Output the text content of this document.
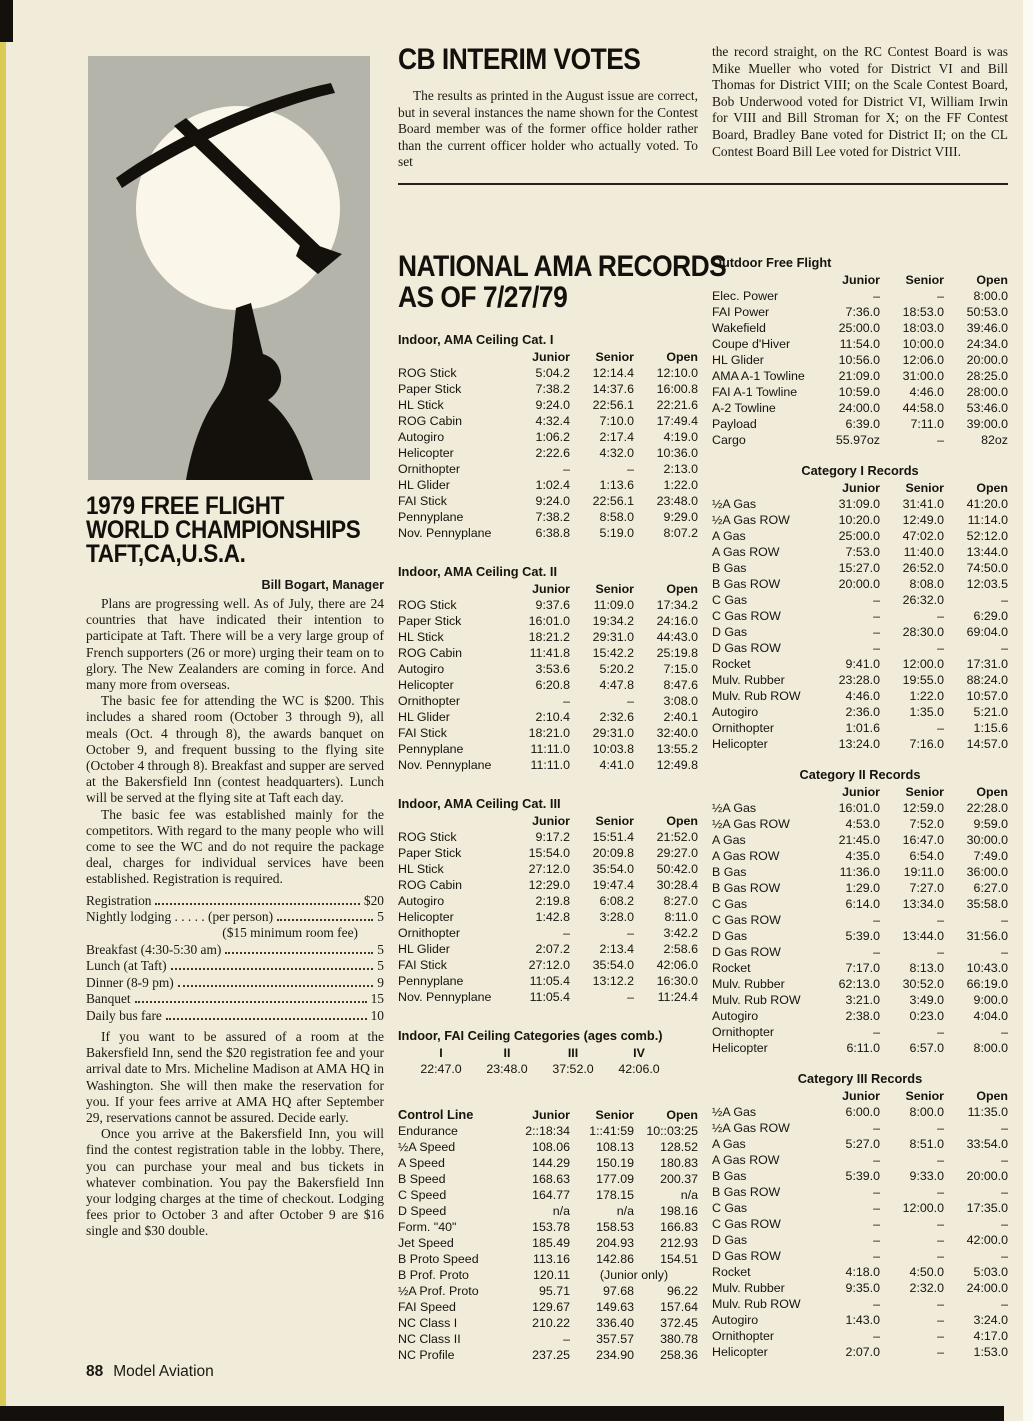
1979 FREE FLIGHT
WORLD CHAMPIONSHIPS
TAFT,CA,U.S.A.
Bill Bogart, Manager

Plans are progressing well. As of July, there are 24 countries that have indicated their intention to participate at Taft. There will be a very large group of French supporters (26 or more) urging their team on to glory. The New Zealanders are coming in force. And many more from overseas.

The basic fee for attending the WC is $200. This includes a shared room (October 3 through 9), all meals (Oct. 4 through 8), the awards banquet on October 9, and frequent bussing to the flying site (October 4 through 8). Breakfast and supper are served at the Bakersfield Inn (contest headquarters). Lunch will be served at the flying site at Taft each day.

The basic fee was established mainly for the competitors. With regard to the many people who will come to see the WC and do not require the package deal, charges for individual services have been established. Registration is required.

Registration	$20
Nightly lodging . . . . . (per person)	5
($15 minimum room fee)
Breakfast (4:30-5:30 am)	5
Lunch (at Taft)	5
Dinner (8-9 pm)	9
Banquet	15
Daily bus fare	10

If you want to be assured of a room at the Bakersfield Inn, send the $20 registration fee and your arrival date to Mrs. Micheline Madison at AMA HQ in Washington. She will then make the reservation for you. If your fees arrive at AMA HQ after September 29, reservations cannot be assured. Decide early.

Once you arrive at the Bakersfield Inn, you will find the contest registration table in the lobby. There, you can purchase your meal and bus tickets in whatever combination. You pay the Bakersfield Inn your lodging charges at the time of checkout. Lodging fees prior to October 3 and after October 9 are $16 single and $30 double.

CB INTERIM VOTES

The results as printed in the August issue are correct, but in several instances the name shown for the Contest Board member was of the former office holder rather than the current officer holder who actually voted. To set

the record straight, on the RC Contest Board is was Mike Mueller who voted for District VI and Bill Thomas for District VIII; on the Scale Contest Board, Bob Underwood voted for District VI, William Irwin for VIII and Bill Stroman for X; on the FF Contest Board, Bradley Bane voted for District II; on the CL Contest Board Bill Lee voted for District VIII.

NATIONAL AMA RECORDS
AS OF 7/27/79
Indoor, AMA Ceiling Cat. I
Junior	Senior	Open
ROG Stick	5:04.2	12:14.4	12:10.0
Paper Stick	7:38.2	14:37.6	16:00.8
HL Stick	9:24.0	22:56.1	22:21.6
ROG Cabin	4:32.4	7:10.0	17:49.4
Autogiro	1:06.2	2:17.4	4:19.0
Helicopter	2:22.6	4:32.0	10:36.0
Ornithopter	–	–	2:13.0
HL Glider	1:02.4	1:13.6	1:22.0
FAI Stick	9:24.0	22:56.1	23:48.0
Pennyplane	7:38.2	8:58.0	9:29.0
Nov. Pennyplane	6:38.8	5:19.0	8:07.2
Indoor, AMA Ceiling Cat. II
Junior	Senior	Open
ROG Stick	9:37.6	11:09.0	17:34.2
Paper Stick	16:01.0	19:34.2	24:16.0
HL Stick	18:21.2	29:31.0	44:43.0
ROG Cabin	11:41.8	15:42.2	25:19.8
Autogiro	3:53.6	5:20.2	7:15.0
Helicopter	6:20.8	4:47.8	8:47.6
Ornithopter	–	–	3:08.0
HL Glider	2:10.4	2:32.6	2:40.1
FAI Stick	18:21.0	29:31.0	32:40.0
Pennyplane	11:11.0	10:03.8	13:55.2
Nov. Pennyplane	11:11.0	4:41.0	12:49.8
Indoor, AMA Ceiling Cat. III
Junior	Senior	Open
ROG Stick	9:17.2	15:51.4	21:52.0
Paper Stick	15:54.0	20:09.8	29:27.0
HL Stick	27:12.0	35:54.0	50:42.0
ROG Cabin	12:29.0	19:47.4	30:28.4
Autogiro	2:19.8	6:08.2	8:27.0
Helicopter	1:42.8	3:28.0	8:11.0
Ornithopter	–	–	3:42.2
HL Glider	2:07.2	2:13.4	2:58.6
FAI Stick	27:12.0	35:54.0	42:06.0
Pennyplane	11:05.4	13:12.2	16:30.0
Nov. Pennyplane	11:05.4	–	11:24.4
Indoor, FAI Ceiling Categories (ages comb.)
I	II	III	IV
22:47.0	23:48.0	37:52.0	42:06.0
Control Line	Junior	Senior	Open
Endurance	2::18:34	1::41:59 10::03:25
½A Speed	108.06	108.13	128.52
A Speed	144.29	150.19	180.83
B Speed	168.63	177.09	200.37
C Speed	164.77	178.15	n/a
D Speed	n/a	n/a	198.16
Form. "40"	153.78	158.53	166.83
Jet Speed	185.49	204.93	212.93
B Proto Speed	113.16	142.86	154.51
B Prof. Proto	120.11	(Junior only)
½A Prof. Proto	95.71	97.68	96.22
FAI Speed	129.67	149.63	157.64
NC Class I	210.22	336.40	372.45
NC Class II	–	357.57	380.78
NC Profile	237.25	234.90	258.36
Outdoor Free Flight
Junior	Senior	Open
Elec. Power	–	–	8:00.0
FAI Power	7:36.0	18:53.0	50:53.0
Wakefield	25:00.0	18:03.0	39:46.0
Coupe d'Hiver	11:54.0	10:00.0	24:34.0
HL Glider	10:56.0	12:06.0	20:00.0
AMA A-1 Towline	21:09.0	31:00.0	28:25.0
FAI A-1 Towline	10:59.0	4:46.0	28:00.0
A-2 Towline	24:00.0	44:58.0	53:46.0
Payload	6:39.0	7:11.0	39:00.0
Cargo	55.97oz	–	82oz
Category I Records
Junior	Senior	Open
½A Gas	31:09.0	31:41.0	41:20.0
½A Gas ROW	10:20.0	12:49.0	11:14.0
A Gas	25:00.0	47:02.0	52:12.0
A Gas ROW	7:53.0	11:40.0	13:44.0
B Gas	15:27.0	26:52.0	74:50.0
B Gas ROW	20:00.0	8:08.0	12:03.5
C Gas	–	26:32.0	–
C Gas ROW	–	–	6:29.0
D Gas	–	28:30.0	69:04.0
D Gas ROW	–	–	–
Rocket	9:41.0	12:00.0	17:31.0
Mulv. Rubber	23:28.0	19:55.0	88:24.0
Mulv. Rub ROW	4:46.0	1:22.0	10:57.0
Autogiro	2:36.0	1:35.0	5:21.0
Ornithopter	1:01.6	–	1:15.6
Helicopter	13:24.0	7:16.0	14:57.0
Category II Records
Junior	Senior	Open
½A Gas	16:01.0	12:59.0	22:28.0
½A Gas ROW	4:53.0	7:52.0	9:59.0
A Gas	21:45.0	16:47.0	30:00.0
A Gas ROW	4:35.0	6:54.0	7:49.0
B Gas	11:36.0	19:11.0	36:00.0
B Gas ROW	1:29.0	7:27.0	6:27.0
C Gas	6:14.0	13:34.0	35:58.0
C Gas ROW	–	–	–
D Gas	5:39.0	13:44.0	31:56.0
D Gas ROW	–	–	–
Rocket	7:17.0	8:13.0	10:43.0
Mulv. Rubber	62:13.0	30:52.0	66:19.0
Mulv. Rub ROW	3:21.0	3:49.0	9:00.0
Autogiro	2:38.0	0:23.0	4:04.0
Ornithopter	–	–	–
Helicopter	6:11.0	6:57.0	8:00.0
Category III Records
Junior	Senior	Open
½A Gas	6:00.0	8:00.0	11:35.0
½A Gas ROW	–	–	–
A Gas	5:27.0	8:51.0	33:54.0
A Gas ROW	–	–	–
B Gas	5:39.0	9:33.0	20:00.0
B Gas ROW	–	–	–
C Gas	–	12:00.0	17:35.0
C Gas ROW	–	–	–
D Gas	–	–	42:00.0
D Gas ROW	–	–	–
Rocket	4:18.0	4:50.0	5:03.0
Mulv. Rubber	9:35.0	2:32.0	24:00.0
Mulv. Rub ROW	–	–	–
Autogiro	1:43.0	–	3:24.0
Ornithopter	–	–	4:17.0
Helicopter	2:07.0	–	1:53.0
88 Model Aviation
